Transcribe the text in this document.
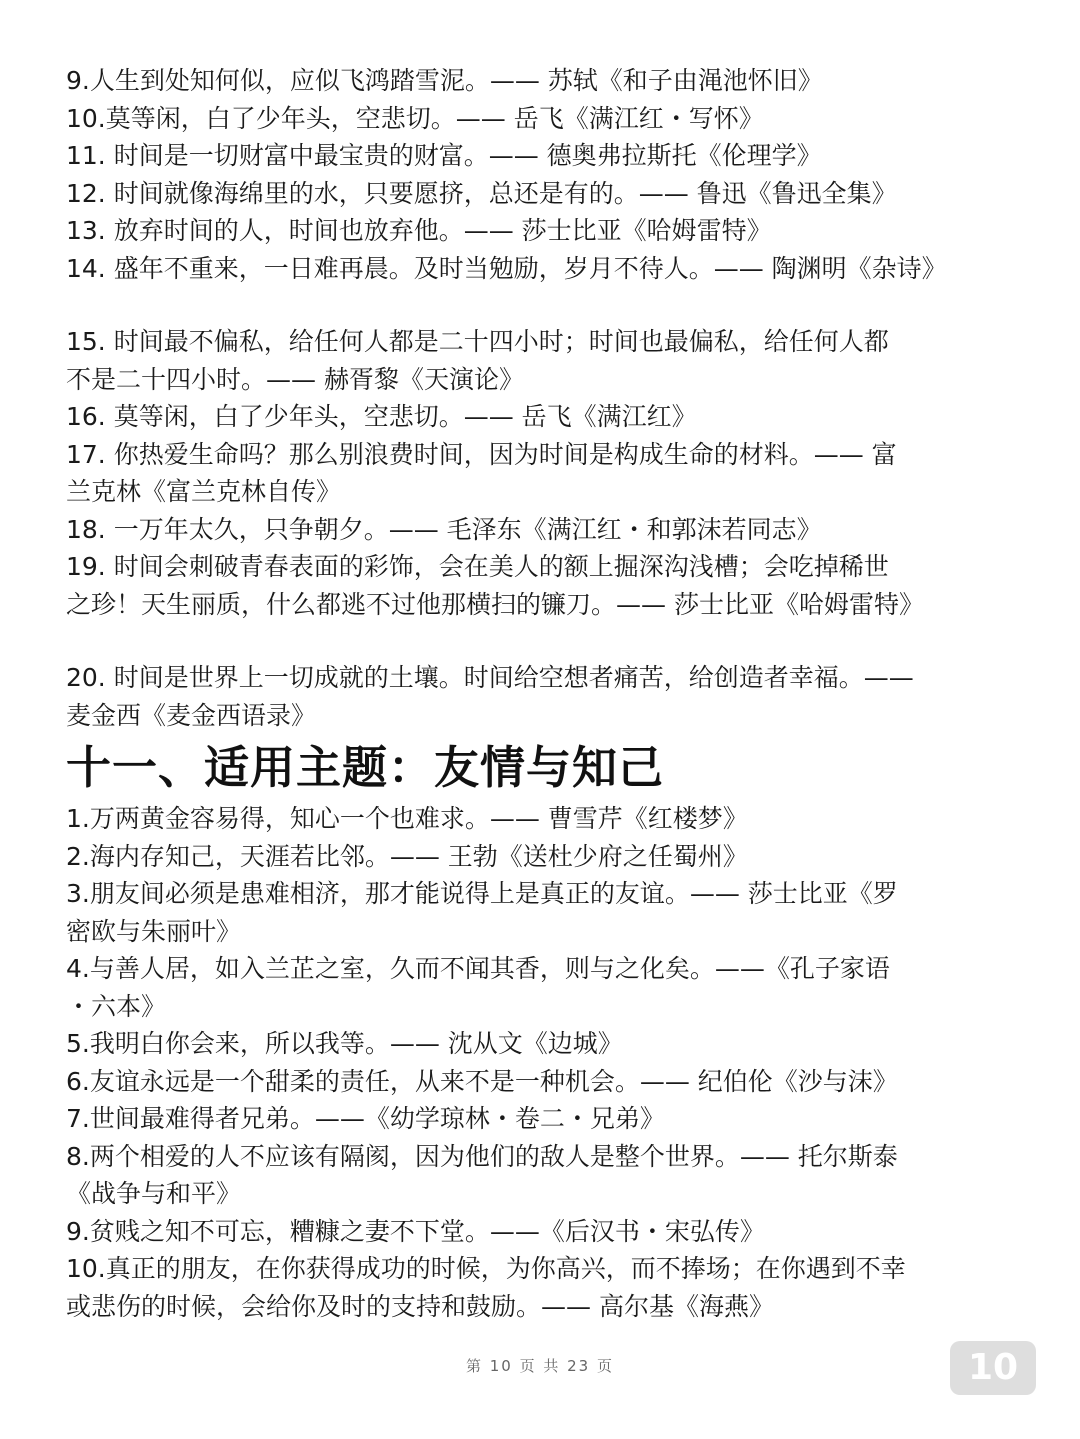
9.人生到处知何似，应似飞鸿踏雪泥。—— 苏轼《和子由渑池怀旧》
10.莫等闲，白了少年头，空悲切。—— 岳飞《满江红・写怀》
11. 时间是一切财富中最宝贵的财富。—— 德奥弗拉斯托《伦理学》
12. 时间就像海绵里的水，只要愿挤，总还是有的。—— 鲁迅《鲁迅全集》
13. 放弃时间的人，时间也放弃他。—— 莎士比亚《哈姆雷特》
14. 盛年不重来，一日难再晨。及时当勉励，岁月不待人。—— 陶渊明《杂诗》
15. 时间最不偏私，给任何人都是二十四小时；时间也最偏私，给任何人都
不是二十四小时。—— 赫胥黎《天演论》
16. 莫等闲，白了少年头，空悲切。—— 岳飞《满江红》
17. 你热爱生命吗？那么别浪费时间，因为时间是构成生命的材料。—— 富
兰克林《富兰克林自传》
18. 一万年太久，只争朝夕。—— 毛泽东《满江红・和郭沫若同志》
19. 时间会刺破青春表面的彩饰，会在美人的额上掘深沟浅槽；会吃掉稀世
之珍！天生丽质，什么都逃不过他那横扫的镰刀。—— 莎士比亚《哈姆雷特》
20. 时间是世界上一切成就的土壤。时间给空想者痛苦，给创造者幸福。——
麦金西《麦金西语录》
十一、适用主题：友情与知己
1.万两黄金容易得，知心一个也难求。—— 曹雪芹《红楼梦》
2.海内存知己，天涯若比邻。—— 王勃《送杜少府之任蜀州》
3.朋友间必须是患难相济，那才能说得上是真正的友谊。—— 莎士比亚《罗
密欧与朱丽叶》
4.与善人居，如入兰芷之室，久而不闻其香，则与之化矣。——《孔子家语
・六本》
5.我明白你会来，所以我等。—— 沈从文《边城》
6.友谊永远是一个甜柔的责任，从来不是一种机会。—— 纪伯伦《沙与沫》
7.世间最难得者兄弟。——《幼学琼林・卷二・兄弟》
8.两个相爱的人不应该有隔阂，因为他们的敌人是整个世界。—— 托尔斯泰
《战争与和平》
9.贫贱之知不可忘，糟糠之妻不下堂。——《后汉书・宋弘传》
10.真正的朋友，在你获得成功的时候，为你高兴，而不捧场；在你遇到不幸
或悲伤的时候，会给你及时的支持和鼓励。—— 高尔基《海燕》
第 10 页 共 23 页	10
